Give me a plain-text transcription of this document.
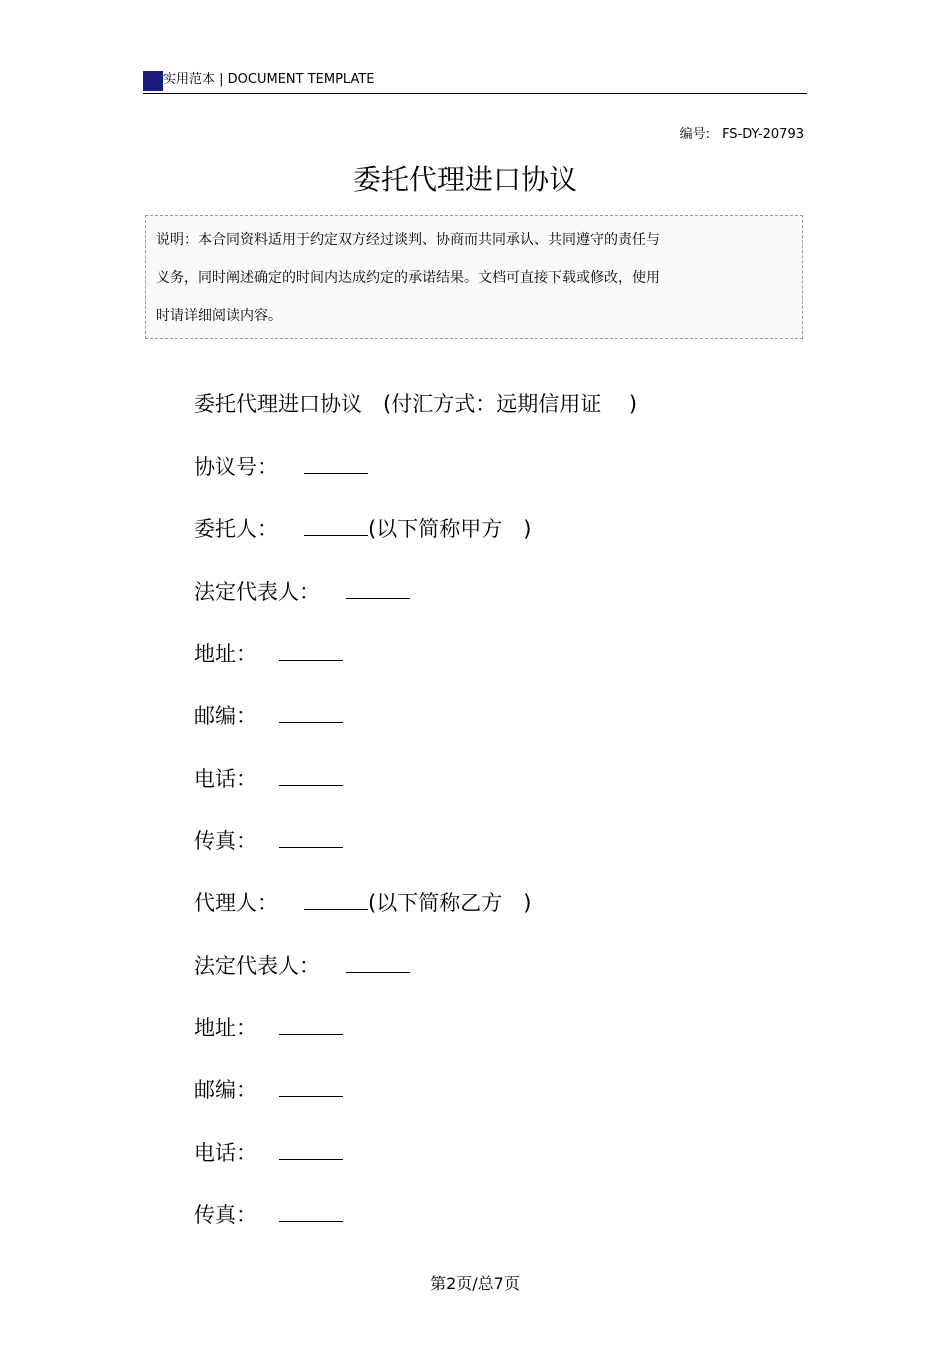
实用范本 | DOCUMENT TEMPLATE
编号: FS-DY-20793
委托代理进口协议
说明：本合同资料适用于约定双方经过谈判、协商而共同承认、共同遵守的责任与
义务，同时阐述确定的时间内达成约定的承诺结果。文档可直接下载或修改，使用
时请详细阅读内容。
委托代理进口协议　(付汇方式：远期信用证　 )
协议号：
委托人：	(以下简称甲方　)
法定代表人：
地址：
邮编：
电话：
传真：
代理人：	(以下简称乙方　)
法定代表人：
地址：
邮编：
电话：
传真：
第2页/总7页
